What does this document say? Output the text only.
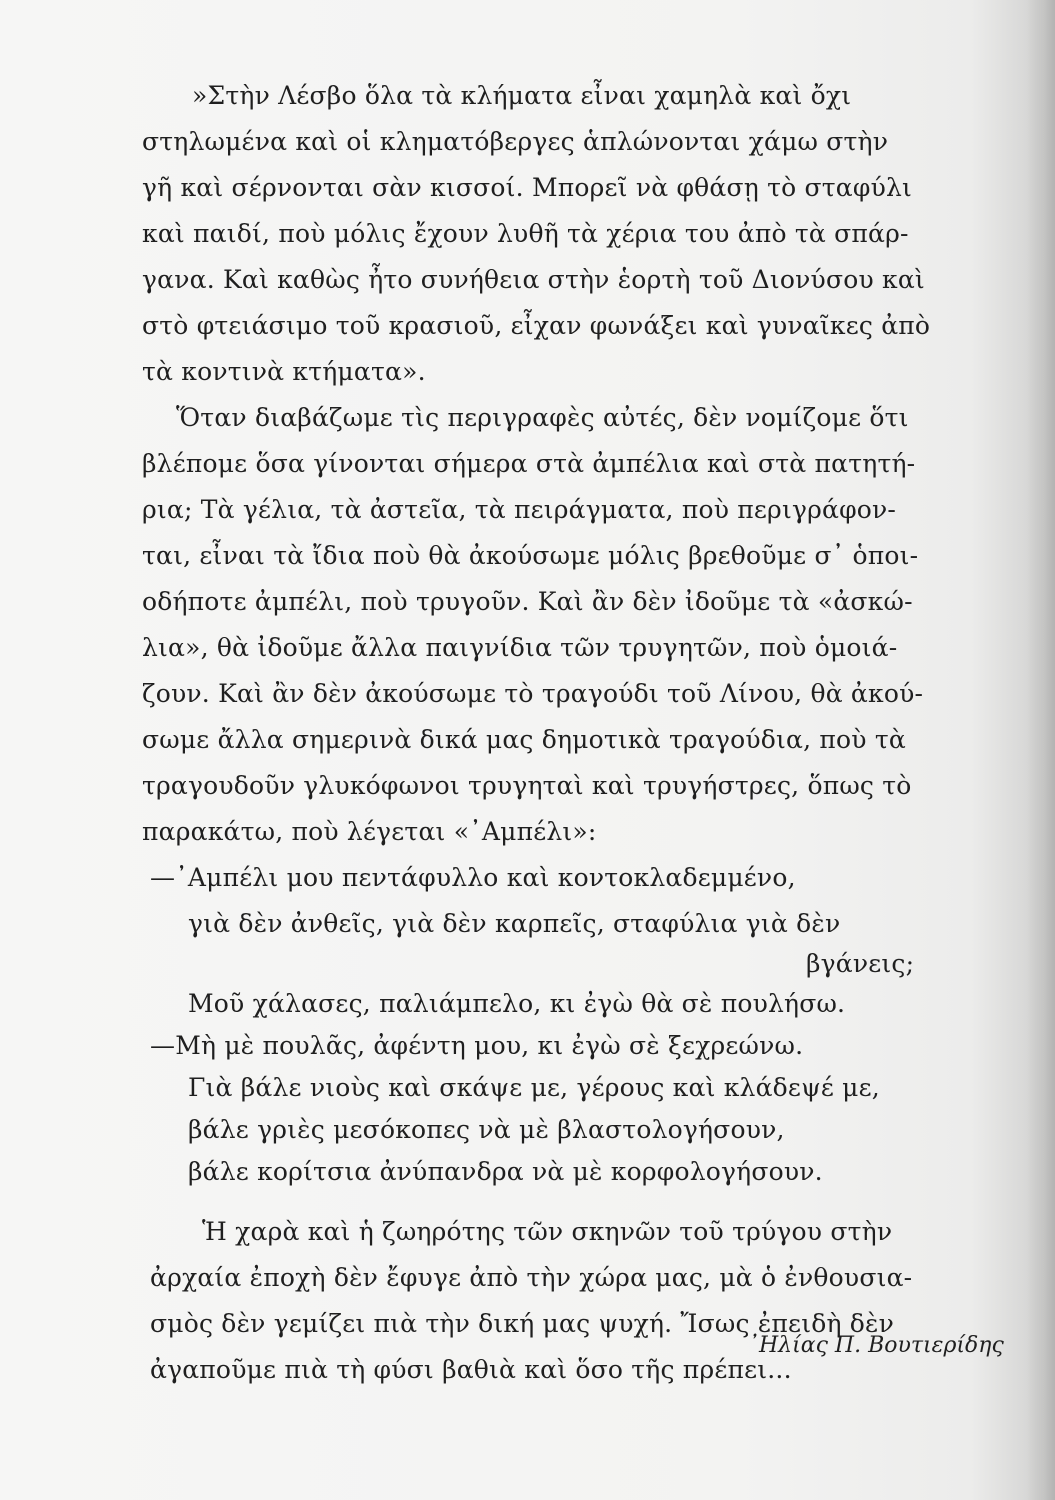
»Στὴν Λέσβο ὅλα τὰ κλήματα εἶναι χαμηλὰ καὶ ὄχι
στηλωμένα καὶ οἱ κληματόβεργες ἁπλώνονται χάμω στὴν
γῆ καὶ σέρνονται σὰν κισσοί. Μπορεῖ νὰ φθάσῃ τὸ σταφύλι
καὶ παιδί, ποὺ μόλις ἔχουν λυθῆ τὰ χέρια του ἀπὸ τὰ σπάρ-
γανα. Καὶ καθὼς ἦτο συνήθεια στὴν ἑορτὴ τοῦ Διονύσου καὶ
στὸ φτειάσιμο τοῦ κρασιοῦ, εἶχαν φωνάξει καὶ γυναῖκες ἀπὸ
τὰ κοντινὰ κτήματα».
Ὅταν διαβάζωμε τὶς περιγραφὲς αὐτές, δὲν νομίζομε ὅτι
βλέπομε ὅσα γίνονται σήμερα στὰ ἀμπέλια καὶ στὰ πατητή-
ρια; Τὰ γέλια, τὰ ἀστεῖα, τὰ πειράγματα, ποὺ περιγράφον-
ται, εἶναι τὰ ἴδια ποὺ θὰ ἀκούσωμε μόλις βρεθοῦμε σ᾽ ὁποι-
οδήποτε ἀμπέλι, ποὺ τρυγοῦν. Καὶ ἂν δὲν ἰδοῦμε τὰ «ἀσκώ-
λια», θὰ ἰδοῦμε ἄλλα παιγνίδια τῶν τρυγητῶν, ποὺ ὁμοιά-
ζουν. Καὶ ἂν δὲν ἀκούσωμε τὸ τραγούδι τοῦ Λίνου, θὰ ἀκού-
σωμε ἄλλα σημερινὰ δικά μας δημοτικὰ τραγούδια, ποὺ τὰ
τραγουδοῦν γλυκόφωνοι τρυγηταὶ καὶ τρυγήστρες, ὅπως τὸ
παρακάτω, ποὺ λέγεται «᾽Αμπέλι»:
—᾽Αμπέλι μου πεντάφυλλο καὶ κοντοκλαδεμμένο,
γιὰ δὲν ἀνθεῖς, γιὰ δὲν καρπεῖς, σταφύλια γιὰ δὲν
βγάνεις;
Μοῦ χάλασες, παλιάμπελο, κι ἐγὼ θὰ σὲ πουλήσω.
—Μὴ μὲ πουλᾶς, ἀφέντη μου, κι ἐγὼ σὲ ξεχρεώνω.
Γιὰ βάλε νιοὺς καὶ σκάψε με, γέρους καὶ κλάδεψέ με,
βάλε γριὲς μεσόκοπες νὰ μὲ βλαστολογήσουν,
βάλε κορίτσια ἀνύπανδρα νὰ μὲ κορφολογήσουν.
Ἡ χαρὰ καὶ ἡ ζωηρότης τῶν σκηνῶν τοῦ τρύγου στὴν
ἀρχαία ἐποχὴ δὲν ἔφυγε ἀπὸ τὴν χώρα μας, μὰ ὁ ἐνθουσια-
σμὸς δὲν γεμίζει πιὰ τὴν δική μας ψυχή. Ἴσως ἐπειδὴ δὲν
ἀγαποῦμε πιὰ τὴ φύσι βαθιὰ καὶ ὅσο τῆς πρέπει...
᾽Ηλίας Π. Βουτιερίδης
